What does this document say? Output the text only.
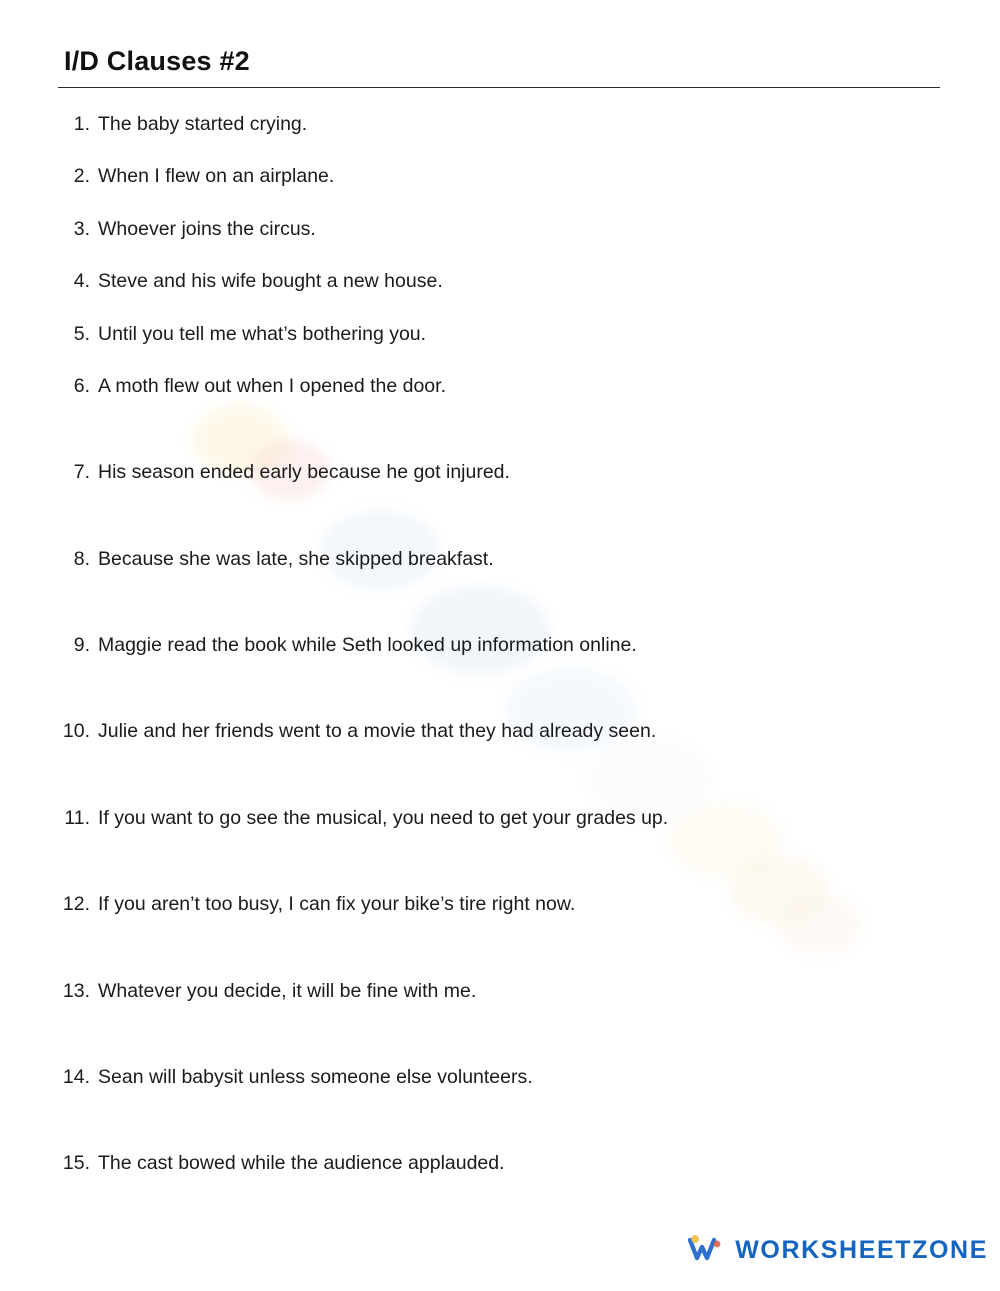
I/D Clauses #2
1. The baby started crying.
2. When I flew on an airplane.
3. Whoever joins the circus.
4. Steve and his wife bought a new house.
5. Until you tell me what’s bothering you.
6. A moth flew out when I opened the door.
7. His season ended early because he got injured.
8. Because she was late, she skipped breakfast.
9. Maggie read the book while Seth looked up information online.
10. Julie and her friends went to a movie that they had already seen.
11. If you want to go see the musical, you need to get your grades up.
12. If you aren’t too busy, I can fix your bike’s tire right now.
13. Whatever you decide, it will be fine with me.
14. Sean will babysit unless someone else volunteers.
15. The cast bowed while the audience applauded.
WORKSHEETZONE
